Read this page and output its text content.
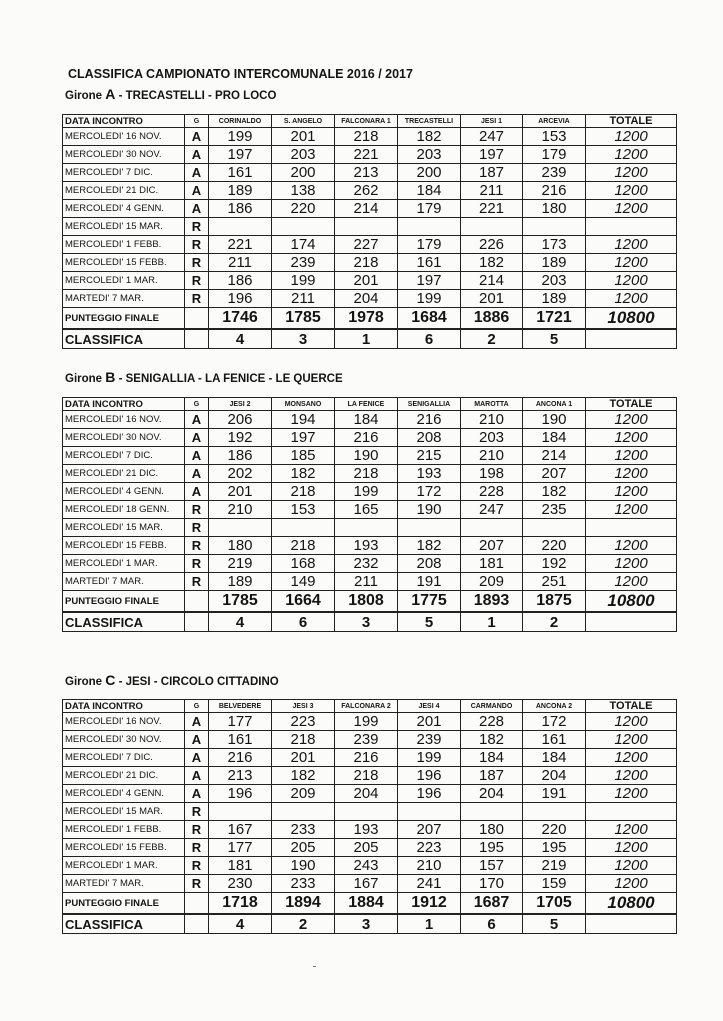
CLASSIFICA CAMPIONATO INTERCOMUNALE 2016 / 2017
Girone A - TRECASTELLI - PRO LOCO
DATA INCONTRO	G	CORINALDO	S. ANGELO	FALCONARA 1	TRECASTELLI	JESI 1	ARCEVIA	TOTALE
MERCOLEDI' 16 NOV.	A	199	201	218	182	247	153	1200
MERCOLEDI' 30 NOV.	A	197	203	221	203	197	179	1200
MERCOLEDI' 7 DIC.	A	161	200	213	200	187	239	1200
MERCOLEDI' 21 DIC.	A	189	138	262	184	211	216	1200
MERCOLEDI' 4 GENN.	A	186	220	214	179	221	180	1200
MERCOLEDI' 15 MAR.	R							
MERCOLEDI' 1 FEBB.	R	221	174	227	179	226	173	1200
MERCOLEDI' 15 FEBB.	R	211	239	218	161	182	189	1200
MERCOLEDI' 1 MAR.	R	186	199	201	197	214	203	1200
MARTEDI' 7 MAR.	R	196	211	204	199	201	189	1200
PUNTEGGIO FINALE		1746	1785	1978	1684	1886	1721	10800
CLASSIFICA		4	3	1	6	2	5	
Girone B - SENIGALLIA - LA FENICE - LE QUERCE
DATA INCONTRO	G	JESI 2	MONSANO	LA FENICE	SENIGALLIA	MAROTTA	ANCONA 1	TOTALE
MERCOLEDI' 16 NOV.	A	206	194	184	216	210	190	1200
MERCOLEDI' 30 NOV.	A	192	197	216	208	203	184	1200
MERCOLEDI' 7 DIC.	A	186	185	190	215	210	214	1200
MERCOLEDI' 21 DIC.	A	202	182	218	193	198	207	1200
MERCOLEDI' 4 GENN.	A	201	218	199	172	228	182	1200
MERCOLEDI' 18 GENN.	R	210	153	165	190	247	235	1200
MERCOLEDI' 15 MAR.	R							
MERCOLEDI' 15 FEBB.	R	180	218	193	182	207	220	1200
MERCOLEDI' 1 MAR.	R	219	168	232	208	181	192	1200
MARTEDI' 7 MAR.	R	189	149	211	191	209	251	1200
PUNTEGGIO FINALE		1785	1664	1808	1775	1893	1875	10800
CLASSIFICA		4	6	3	5	1	2	
Girone C - JESI - CIRCOLO CITTADINO
DATA INCONTRO	G	BELVEDERE	JESI 3	FALCONARA 2	JESI 4	CARMANDO	ANCONA 2	TOTALE
MERCOLEDI' 16 NOV.	A	177	223	199	201	228	172	1200
MERCOLEDI' 30 NOV.	A	161	218	239	239	182	161	1200
MERCOLEDI' 7 DIC.	A	216	201	216	199	184	184	1200
MERCOLEDI' 21 DIC.	A	213	182	218	196	187	204	1200
MERCOLEDI' 4 GENN.	A	196	209	204	196	204	191	1200
MERCOLEDI' 15 MAR.	R							
MERCOLEDI' 1 FEBB.	R	167	233	193	207	180	220	1200
MERCOLEDI' 15 FEBB.	R	177	205	205	223	195	195	1200
MERCOLEDI' 1 MAR.	R	181	190	243	210	157	219	1200
MARTEDI' 7 MAR.	R	230	233	167	241	170	159	1200
PUNTEGGIO FINALE		1718	1894	1884	1912	1687	1705	10800
CLASSIFICA		4	2	3	1	6	5	
